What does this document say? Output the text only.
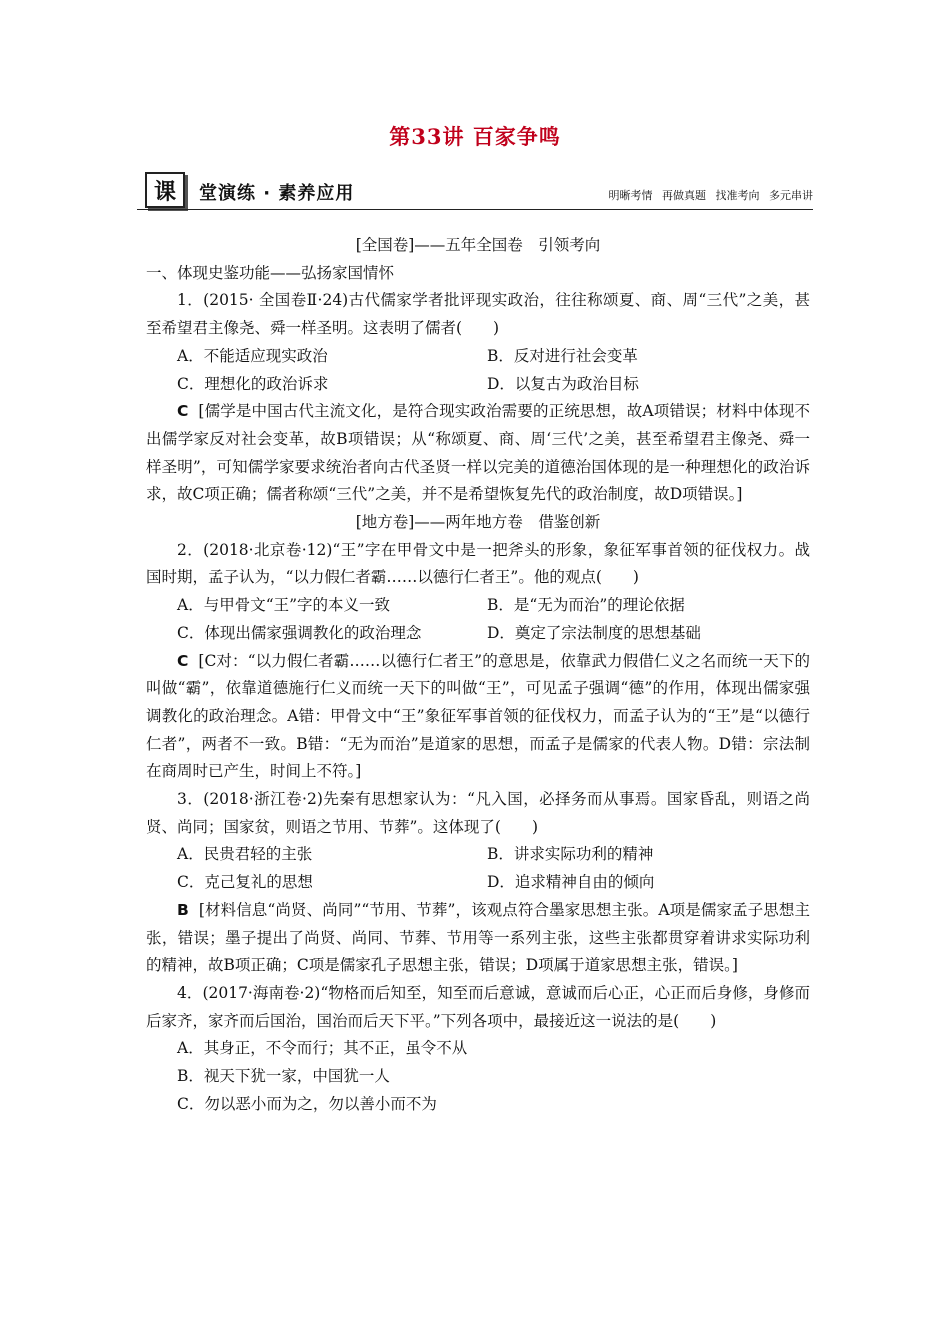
第33讲 百家争鸣
课	堂演练 · 素养应用	明晰考情 再做真题 找准考向 多元串讲
[全国卷]——五年全国卷　引领考向
一、体现史鉴功能——弘扬家国情怀
1．(2015· 全国卷Ⅱ·24)古代儒家学者批评现实政治，往往称颂夏、商、周“三代”之美，甚至希望君主像尧、舜一样圣明。这表明了儒者(　　)
A．不能适应现实政治	B．反对进行社会变革
C．理想化的政治诉求	D．以复古为政治目标
C [儒学是中国古代主流文化，是符合现实政治需要的正统思想，故A项错误；材料中体现不出儒学家反对社会变革，故B项错误；从“称颂夏、商、周‘三代’之美，甚至希望君主像尧、舜一样圣明”，可知儒学家要求统治者向古代圣贤一样以完美的道德治国体现的是一种理想化的政治诉求，故C项正确；儒者称颂“三代”之美，并不是希望恢复先代的政治制度，故D项错误。]
[地方卷]——两年地方卷　借鉴创新
2．(2018·北京卷·12)“王”字在甲骨文中是一把斧头的形象，象征军事首领的征伐权力。战国时期，孟子认为，“以力假仁者霸……以德行仁者王”。他的观点(　　)
A．与甲骨文“王”字的本义一致	B．是“无为而治”的理论依据
C．体现出儒家强调教化的政治理念	D．奠定了宗法制度的思想基础
C [C对：“以力假仁者霸……以德行仁者王”的意思是，依靠武力假借仁义之名而统一天下的叫做“霸”，依靠道德施行仁义而统一天下的叫做“王”，可见孟子强调“德”的作用，体现出儒家强调教化的政治理念。A错：甲骨文中“王”象征军事首领的征伐权力，而孟子认为的“王”是“以德行仁者”，两者不一致。B错：“无为而治”是道家的思想，而孟子是儒家的代表人物。D错：宗法制在商周时已产生，时间上不符。]
3．(2018·浙江卷·2)先秦有思想家认为：“凡入国，必择务而从事焉。国家昏乱，则语之尚贤、尚同；国家贫，则语之节用、节葬”。这体现了(　　)
A．民贵君轻的主张	B．讲求实际功利的精神
C．克己复礼的思想	D．追求精神自由的倾向
B [材料信息“尚贤、尚同”“节用、节葬”，该观点符合墨家思想主张。A项是儒家孟子思想主张，错误；墨子提出了尚贤、尚同、节葬、节用等一系列主张，这些主张都贯穿着讲求实际功利的精神，故B项正确；C项是儒家孔子思想主张，错误；D项属于道家思想主张，错误。]
4．(2017·海南卷·2)“物格而后知至，知至而后意诚，意诚而后心正，心正而后身修，身修而后家齐，家齐而后国治，国治而后天下平。”下列各项中，最接近这一说法的是(　　)
A．其身正，不令而行；其不正，虽令不从
B．视天下犹一家，中国犹一人
C．勿以恶小而为之，勿以善小而不为
